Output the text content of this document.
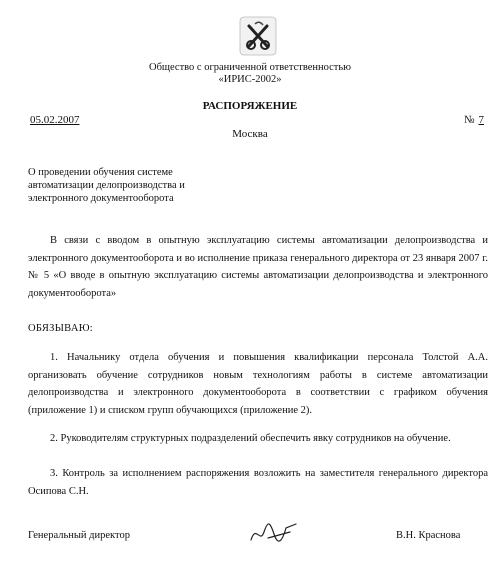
Общество с ограниченной ответственностью
«ИРИС-2002»
РАСПОРЯЖЕНИЕ
05.02.2007	№ 7
Москва
О проведении обучения системе автоматизации делопроизводства и электронного документооборота
В связи с вводом в опытную эксплуатацию системы автоматизации делопроизводства и электронного документооборота и во исполнение приказа генерального директора от 23 января 2007 г. № 5 «О вводе в опытную эксплуатацию системы автоматизации делопроизводства и электронного документооборота»
ОБЯЗЫВАЮ:
1. Начальнику отдела обучения и повышения квалификации персонала Толстой А.А. организовать обучение сотрудников новым технологиям работы в системе автоматизации делопроизводства и электронного документооборота в соответствии с графиком обучения (приложение 1) и списком групп обучающихся (приложение 2).
2. Руководителям структурных подразделений обеспечить явку сотрудников на обучение.
3. Контроль за исполнением распоряжения возложить на заместителя генерального директора Осипова С.Н.
Генеральный директор	В.Н. Краснова
